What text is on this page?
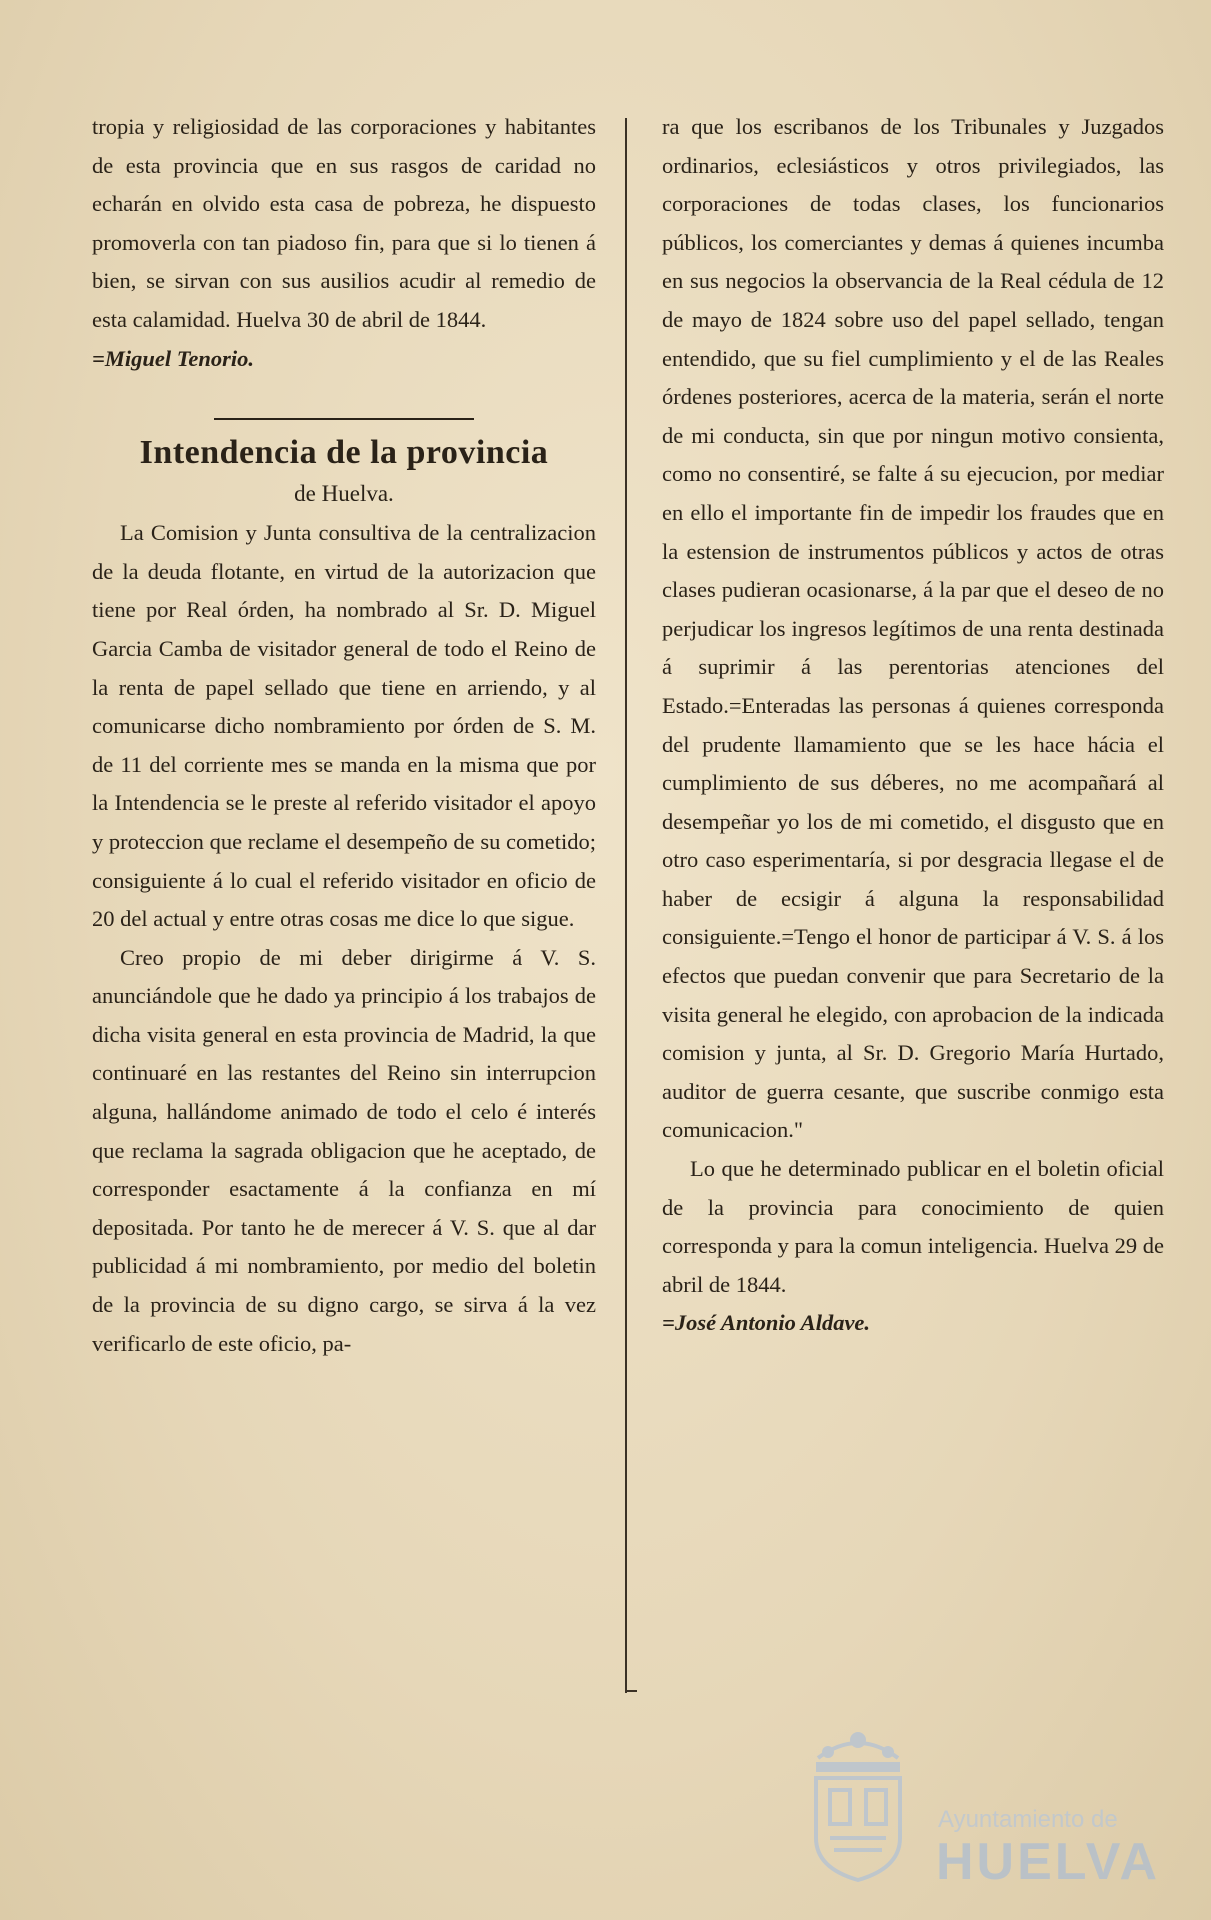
tropia y religiosidad de las corporaciones y habitantes de esta provincia que en sus rasgos de caridad no echarán en olvido esta casa de pobreza, he dispuesto promoverla con tan piadoso fin, para que si lo tienen á bien, se sirvan con sus ausilios acudir al remedio de esta calamidad. Huelva 30 de abril de 1844.

=Miguel Tenorio.

Intendencia de la provincia

de Huelva.

La Comision y Junta consultiva de la centralizacion de la deuda flotante, en virtud de la autorizacion que tiene por Real órden, ha nombrado al Sr. D. Miguel Garcia Camba de visitador general de todo el Reino de la renta de papel sellado que tiene en arriendo, y al comunicarse dicho nombramiento por órden de S. M. de 11 del corriente mes se manda en la misma que por la Intendencia se le preste al referido visitador el apoyo y proteccion que reclame el desempeño de su cometido; consiguiente á lo cual el referido visitador en oficio de 20 del actual y entre otras cosas me dice lo que sigue.

Creo propio de mi deber dirigirme á V. S. anunciándole que he dado ya principio á los trabajos de dicha visita general en esta provincia de Madrid, la que continuaré en las restantes del Reino sin interrupcion alguna, hallándome animado de todo el celo é interés que reclama la sagrada obligacion que he aceptado, de corresponder esactamente á la confianza en mí depositada. Por tanto he de merecer á V. S. que al dar publicidad á mi nombramiento, por medio del boletin de la provincia de su digno cargo, se sirva á la vez verificarlo de este oficio, pa-

ra que los escribanos de los Tribunales y Juzgados ordinarios, eclesiásticos y otros privilegiados, las corporaciones de todas clases, los funcionarios públicos, los comerciantes y demas á quienes incumba en sus negocios la observancia de la Real cédula de 12 de mayo de 1824 sobre uso del papel sellado, tengan entendido, que su fiel cumplimiento y el de las Reales órdenes posteriores, acerca de la materia, serán el norte de mi conducta, sin que por ningun motivo consienta, como no consentiré, se falte á su ejecucion, por mediar en ello el importante fin de impedir los fraudes que en la estension de instrumentos públicos y actos de otras clases pudieran ocasionarse, á la par que el deseo de no perjudicar los ingresos legítimos de una renta destinada á suprimir á las perentorias atenciones del Estado.=Enteradas las personas á quienes corresponda del prudente llamamiento que se les hace hácia el cumplimiento de sus déberes, no me acompañará al desempeñar yo los de mi cometido, el disgusto que en otro caso esperimentaría, si por desgracia llegase el de haber de ecsigir á alguna la responsabilidad consiguiente.=Tengo el honor de participar á V. S. á los efectos que puedan convenir que para Secretario de la visita general he elegido, con aprobacion de la indicada comision y junta, al Sr. D. Gregorio María Hurtado, auditor de guerra cesante, que suscribe conmigo esta comunicacion."

Lo que he determinado publicar en el boletin oficial de la provincia para conocimiento de quien corresponda y para la comun inteligencia. Huelva 29 de abril de 1844.

=José Antonio Aldave.

Ayuntamiento de
HUELVA
